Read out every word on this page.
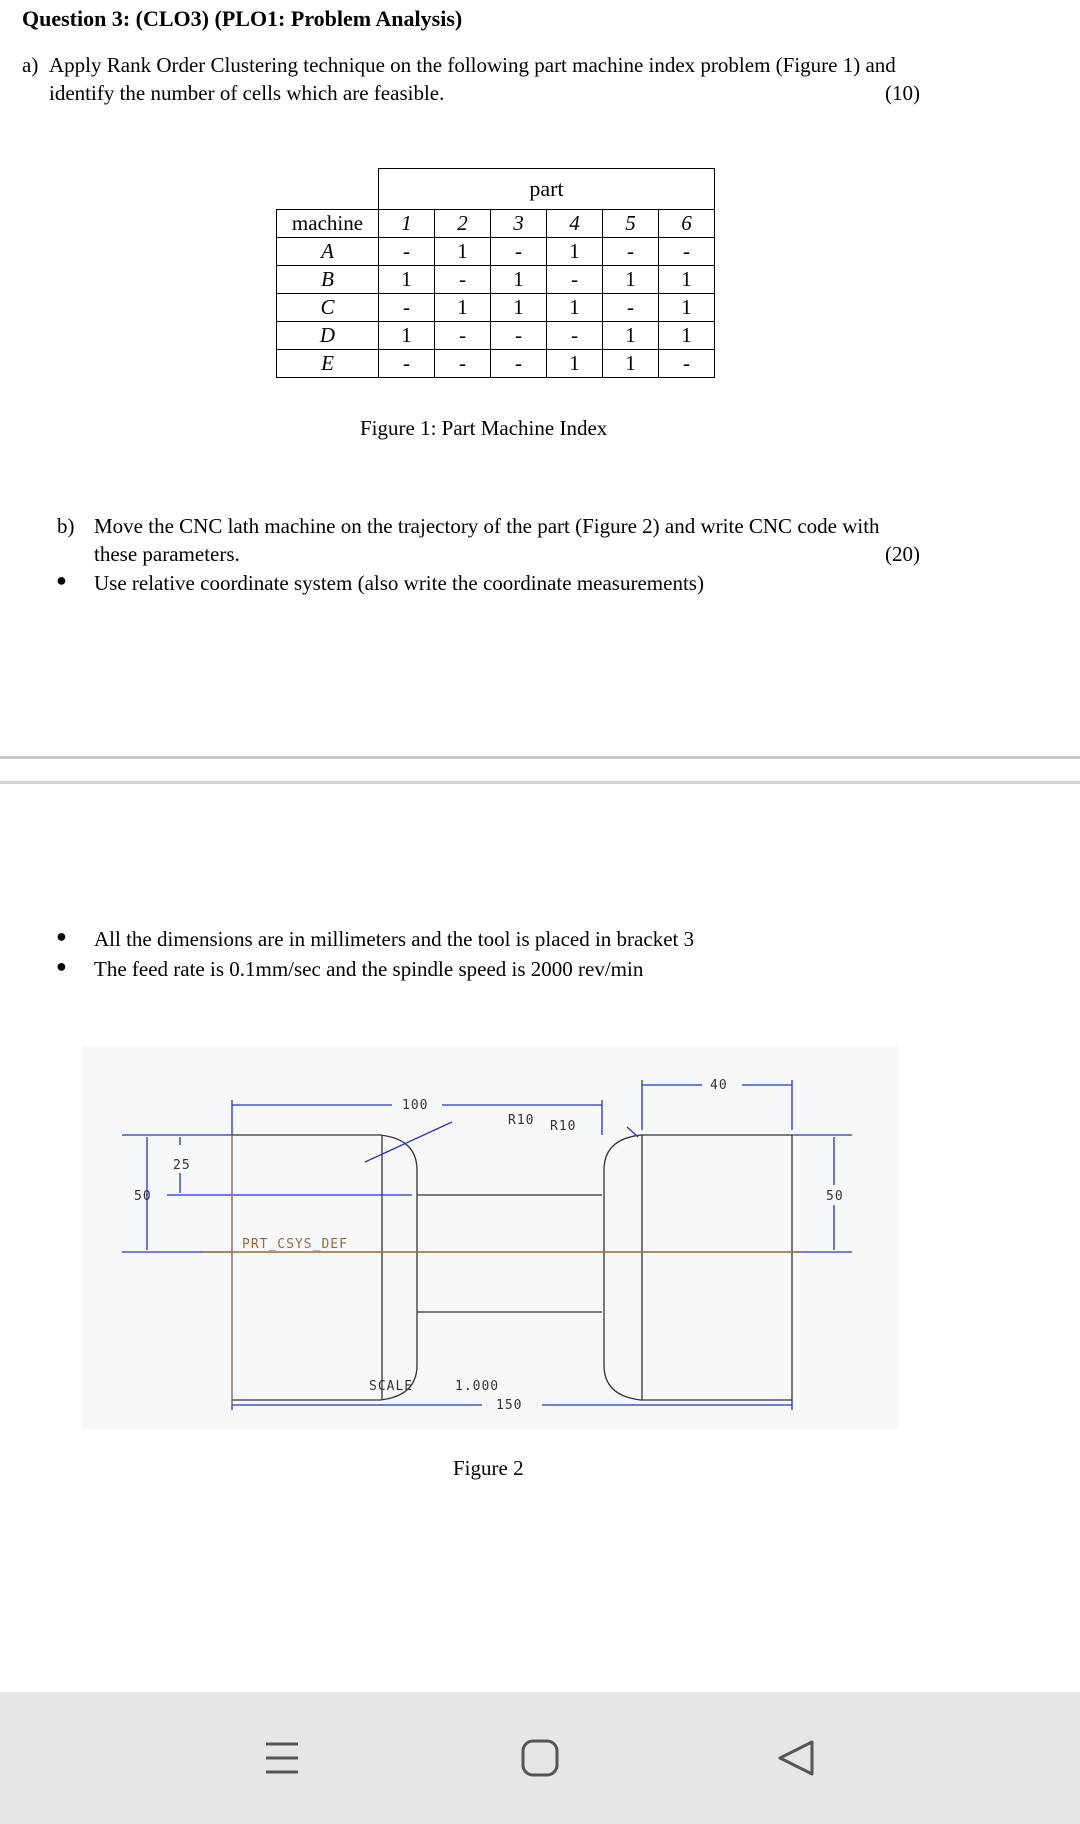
Question 3: (CLO3) (PLO1: Problem Analysis)
a) Apply Rank Order Clustering technique on the following part machine index problem (Figure 1) and
identify the number of cells which are feasible.	(10)
	part					
machine	1	2	3	4	5	6
A	-	1	-	1	-	-
B	1	-	1	-	1	1
C	-	1	1	1	-	1
D	1	-	-	-	1	1
E	-	-	-	1	1	-
Figure 1: Part Machine Index
b) Move the CNC lath machine on the trajectory of the part (Figure 2) and write CNC code with
these parameters.	(20)
● Use relative coordinate system (also write the coordinate measurements)
● All the dimensions are in millimeters and the tool is placed in bracket 3
● The feed rate is 0.1mm/sec and the spindle speed is 2000 rev/min
100
40
R10 R10
25
50	50
PRT_CSYS_DEF
SCALE	1.000
150
Figure 2
